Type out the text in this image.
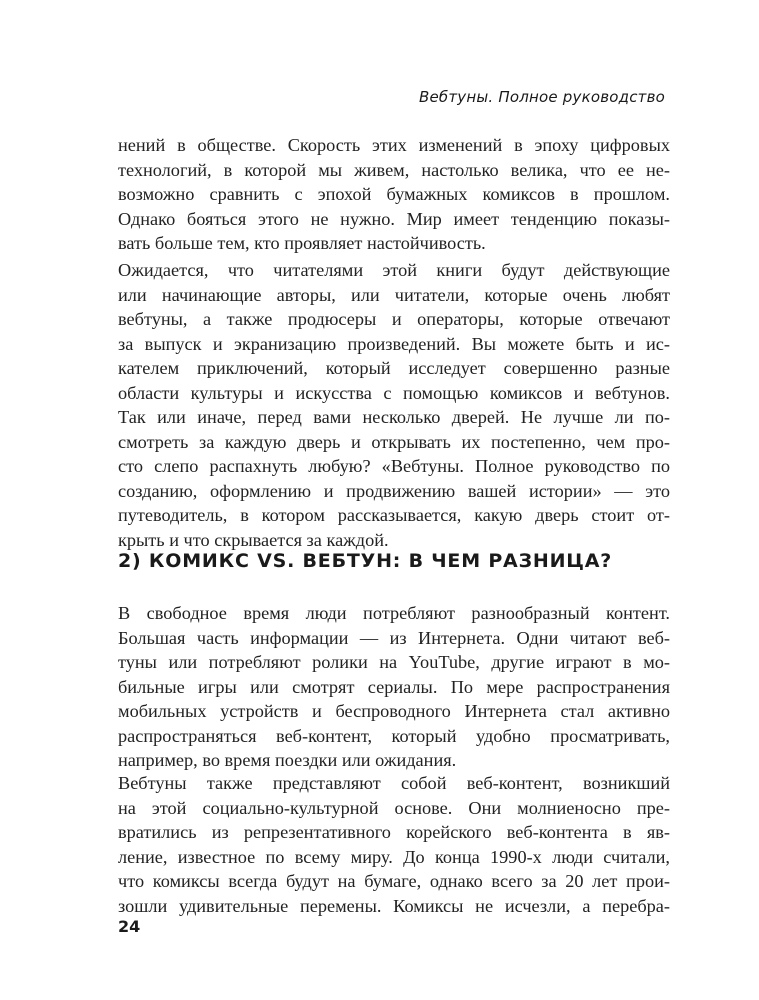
Вебтуны. Полное руководство
нений в обществе. Скорость этих изменений в эпоху цифровых
технологий, в которой мы живем, настолько велика, что ее не-
возможно сравнить с эпохой бумажных комиксов в прошлом.
Однако бояться этого не нужно. Мир имеет тенденцию показы-
вать больше тем, кто проявляет настойчивость.
Ожидается, что читателями этой книги будут действующие
или начинающие авторы, или читатели, которые очень любят
вебтуны, а также продюсеры и операторы, которые отвечают
за выпуск и экранизацию произведений. Вы можете быть и ис-
кателем приключений, который исследует совершенно разные
области культуры и искусства с помощью комиксов и вебтунов.
Так или иначе, перед вами несколько дверей. Не лучше ли по-
смотреть за каждую дверь и открывать их постепенно, чем про-
сто слепо распахнуть любую? «Вебтуны. Полное руководство по
созданию, оформлению и продвижению вашей истории» — это
путеводитель, в котором рассказывается, какую дверь стоит от-
крыть и что скрывается за каждой.
2) КОМИКС VS. ВЕБТУН: В ЧЕМ РАЗНИЦА?
В свободное время люди потребляют разнообразный контент.
Большая часть информации — из Интернета. Одни читают веб-
туны или потребляют ролики на YouTube, другие играют в мо-
бильные игры или смотрят сериалы. По мере распространения
мобильных устройств и беспроводного Интернета стал активно
распространяться веб-контент, который удобно просматривать,
например, во время поездки или ожидания.
Вебтуны также представляют собой веб-контент, возникший
на этой социально-культурной основе. Они молниеносно пре-
вратились из репрезентативного корейского веб-контента в яв-
ление, известное по всему миру. До конца 1990-х люди считали,
что комиксы всегда будут на бумаге, однако всего за 20 лет прои-
зошли удивительные перемены. Комиксы не исчезли, а перебра-
24
